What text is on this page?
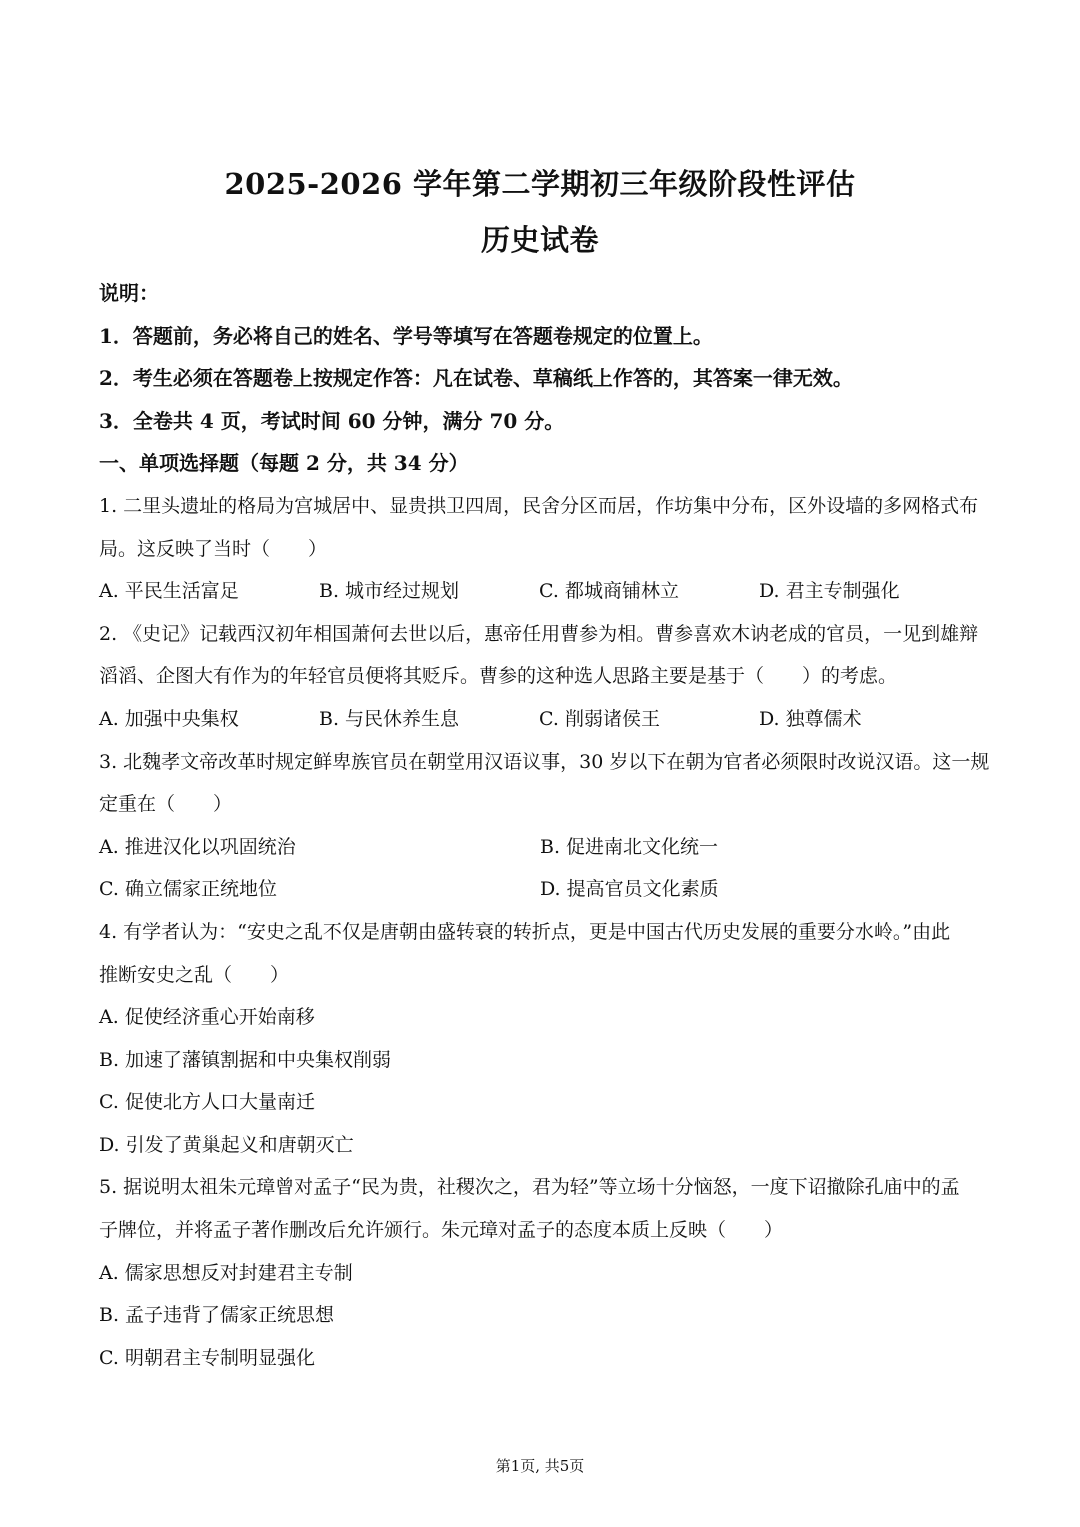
2025-2026 学年第二学期初三年级阶段性评估
历史试卷
说明：
1．答题前，务必将自己的姓名、学号等填写在答题卷规定的位置上。
2．考生必须在答题卷上按规定作答：凡在试卷、草稿纸上作答的，其答案一律无效。
3．全卷共 4 页，考试时间 60 分钟，满分 70 分。
一、单项选择题（每题 2 分，共 34 分）
1. 二里头遗址的格局为宫城居中、显贵拱卫四周，民舍分区而居，作坊集中分布，区外设墙的多网格式布
局。这反映了当时（　　）
A. 平民生活富足	B. 城市经过规划	C. 都城商铺林立	D. 君主专制强化
2. 《史记》记载西汉初年相国萧何去世以后，惠帝任用曹参为相。曹参喜欢木讷老成的官员，一见到雄辩
滔滔、企图大有作为的年轻官员便将其贬斥。曹参的这种选人思路主要是基于（　　）的考虑。
A. 加强中央集权	B. 与民休养生息	C. 削弱诸侯王	D. 独尊儒术
3. 北魏孝文帝改革时规定鲜卑族官员在朝堂用汉语议事，30 岁以下在朝为官者必须限时改说汉语。这一规
定重在（　　）
A. 推进汉化以巩固统治	B. 促进南北文化统一
C. 确立儒家正统地位	D. 提高官员文化素质
4. 有学者认为：“安史之乱不仅是唐朝由盛转衰的转折点，更是中国古代历史发展的重要分水岭。”由此
推断安史之乱（　　）
A. 促使经济重心开始南移
B. 加速了藩镇割据和中央集权削弱
C. 促使北方人口大量南迁
D. 引发了黄巢起义和唐朝灭亡
5. 据说明太祖朱元璋曾对孟子“民为贵，社稷次之，君为轻”等立场十分恼怒，一度下诏撤除孔庙中的孟
子牌位，并将孟子著作删改后允许颁行。朱元璋对孟子的态度本质上反映（　　）
A. 儒家思想反对封建君主专制
B. 孟子违背了儒家正统思想
C. 明朝君主专制明显强化
第1页, 共5页
